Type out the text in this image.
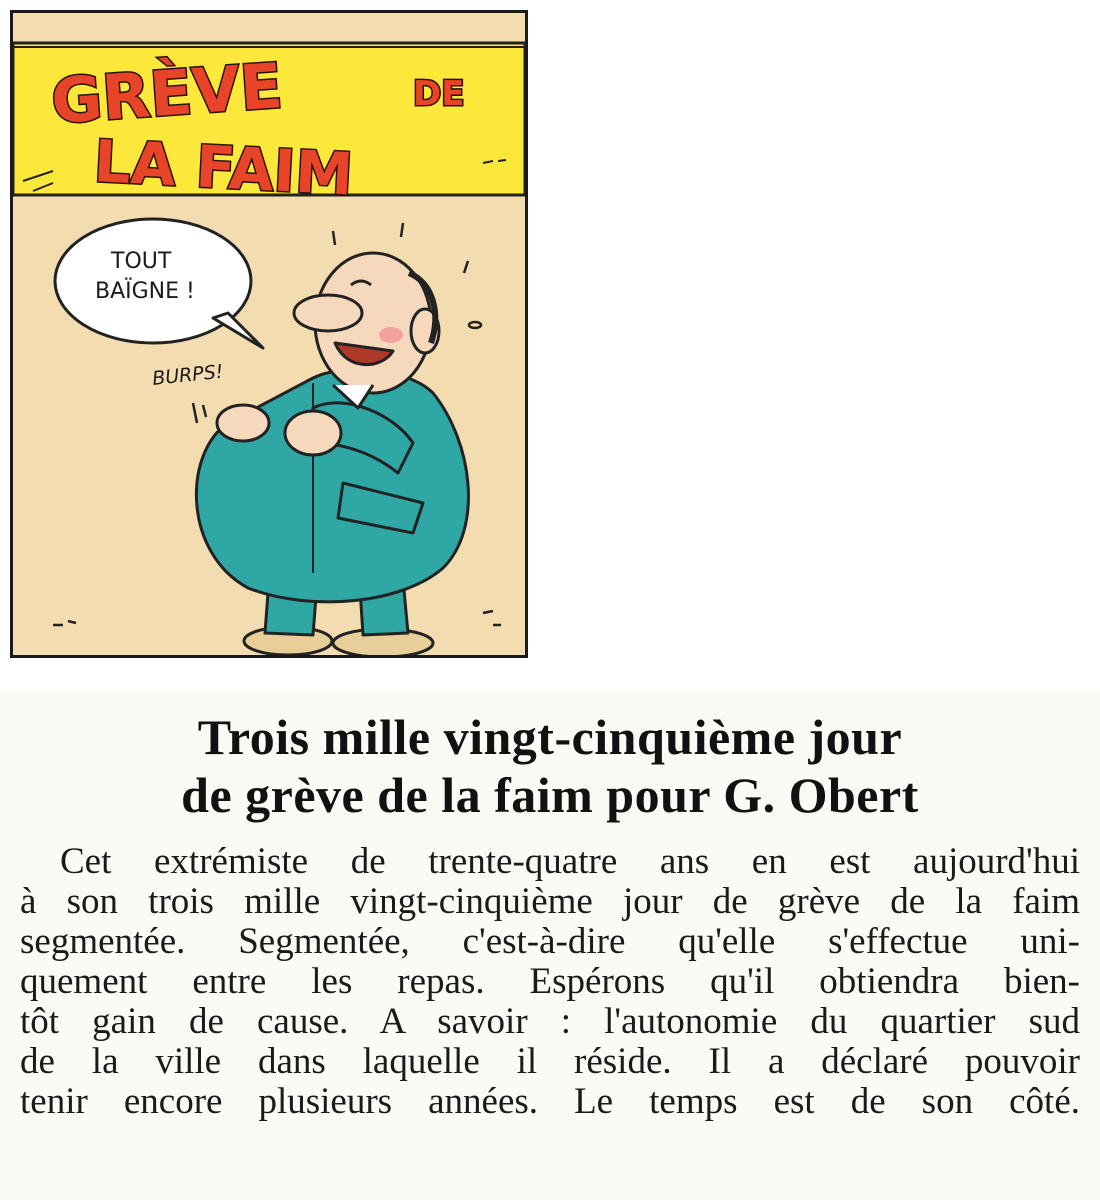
GRÈVE	DE
LA FAIM
TOUT
BAÏGNE !
BURPS!
Trois mille vingt-cinquième jour
de grève de la faim pour G. Obert

Cet extrémiste de trente-quatre ans en est aujourd'hui
à son trois mille vingt-cinquième jour de grève de la faim
segmentée. Segmentée, c'est-à-dire qu'elle s'effectue uni-
quement entre les repas. Espérons qu'il obtiendra bien-
tôt gain de cause. A savoir : l'autonomie du quartier sud
de la ville dans laquelle il réside. Il a déclaré pouvoir
tenir encore plusieurs années. Le temps est de son côté.
